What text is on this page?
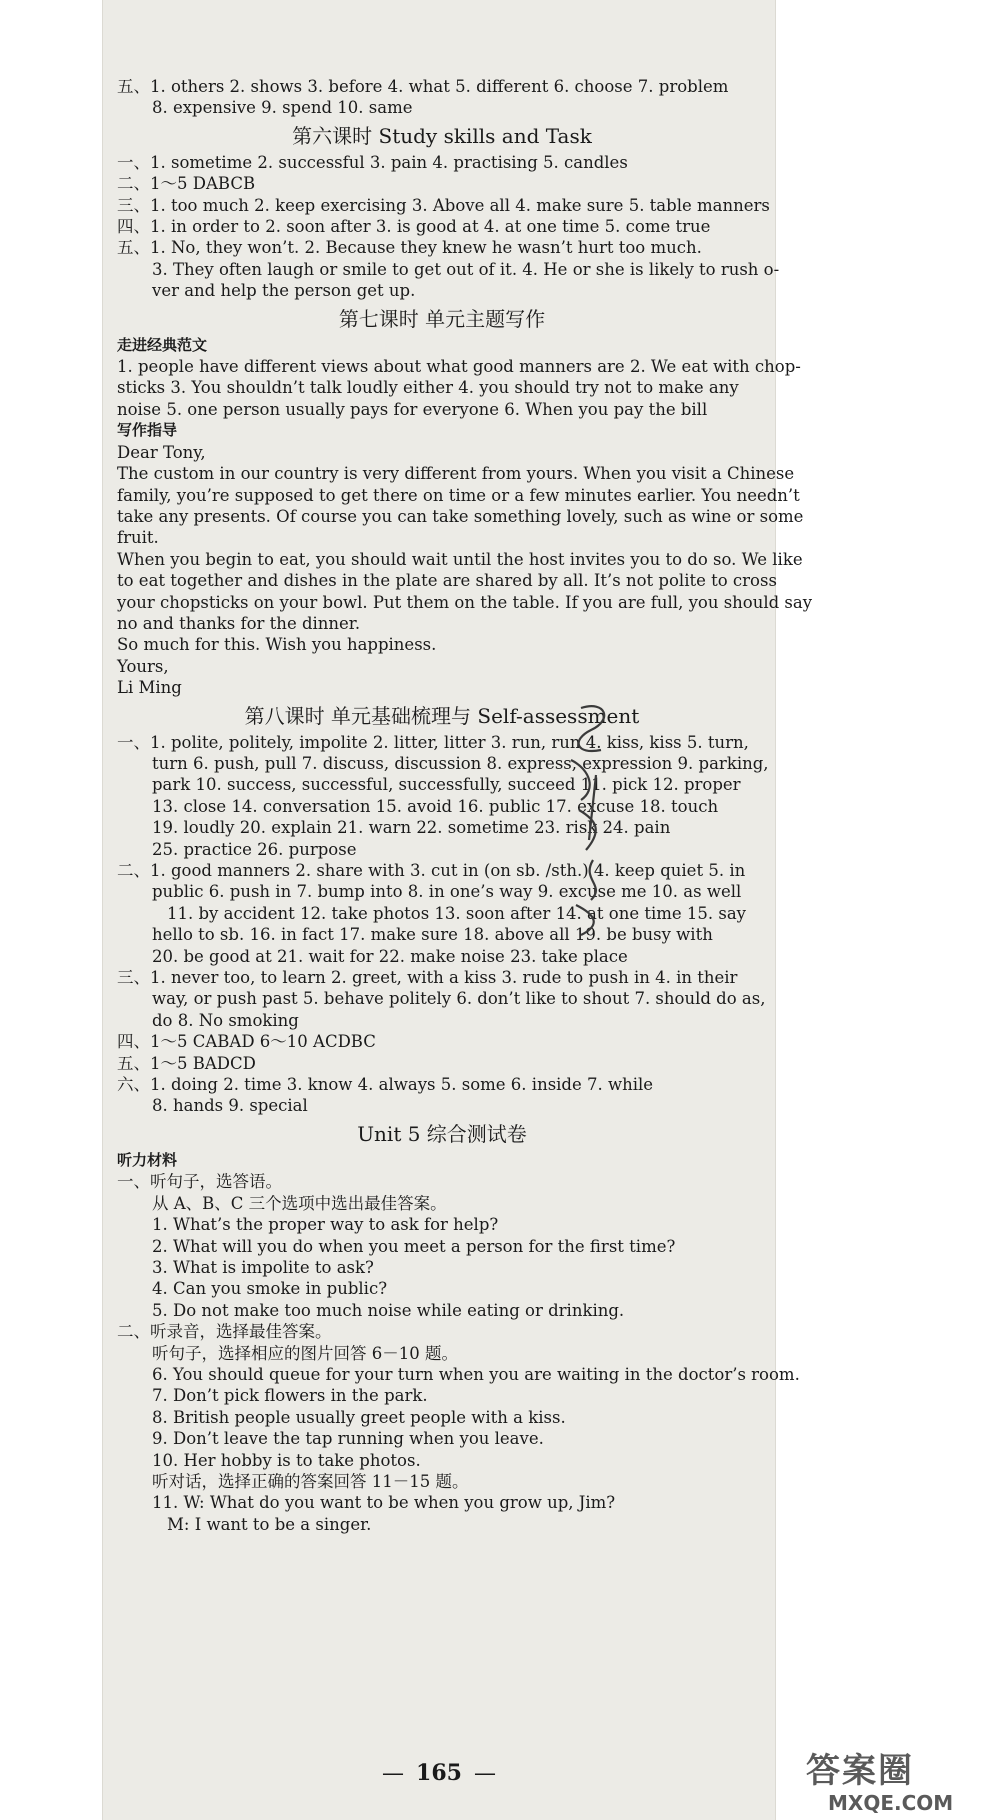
五、1. others 2. shows 3. before 4. what 5. different 6. choose 7. problem
8. expensive 9. spend 10. same
第六课时 Study skills and Task
一、1. sometime 2. successful 3. pain 4. practising 5. candles
二、1～5 DABCB
三、1. too much 2. keep exercising 3. Above all 4. make sure 5. table manners
四、1. in order to 2. soon after 3. is good at 4. at one time 5. come true
五、1. No, they won’t. 2. Because they knew he wasn’t hurt too much.
3. They often laugh or smile to get out of it. 4. He or she is likely to rush o-
ver and help the person get up.
第七课时 单元主题写作
走进经典范文
1. people have different views about what good manners are 2. We eat with chop-
sticks 3. You shouldn’t talk loudly either 4. you should try not to make any
noise 5. one person usually pays for everyone 6. When you pay the bill
写作指导
Dear Tony,
The custom in our country is very different from yours. When you visit a Chinese
family, you’re supposed to get there on time or a few minutes earlier. You needn’t
take any presents. Of course you can take something lovely, such as wine or some
fruit.
When you begin to eat, you should wait until the host invites you to do so. We like
to eat together and dishes in the plate are shared by all. It’s not polite to cross
your chopsticks on your bowl. Put them on the table. If you are full, you should say
no and thanks for the dinner.
So much for this. Wish you happiness.
Yours,
Li Ming
第八课时 单元基础梳理与 Self-assessment
一、1. polite, politely, impolite 2. litter, litter 3. run, run 4. kiss, kiss 5. turn,
turn 6. push, pull 7. discuss, discussion 8. express, expression 9. parking,
park 10. success, successful, successfully, succeed 11. pick 12. proper
13. close 14. conversation 15. avoid 16. public 17. excuse 18. touch
19. loudly 20. explain 21. warn 22. sometime 23. risk 24. pain
25. practice 26. purpose
二、1. good manners 2. share with 3. cut in (on sb. /sth.) 4. keep quiet 5. in
public 6. push in 7. bump into 8. in one’s way 9. excuse me 10. as well
11. by accident 12. take photos 13. soon after 14. at one time 15. say
hello to sb. 16. in fact 17. make sure 18. above all 19. be busy with
20. be good at 21. wait for 22. make noise 23. take place
三、1. never too, to learn 2. greet, with a kiss 3. rude to push in 4. in their
way, or push past 5. behave politely 6. don’t like to shout 7. should do as,
do 8. No smoking
四、1～5 CABAD 6～10 ACDBC
五、1～5 BADCD
六、1. doing 2. time 3. know 4. always 5. some 6. inside 7. while
8. hands 9. special
Unit 5 综合测试卷
听力材料
一、听句子，选答语。
从 A、B、C 三个选项中选出最佳答案。
1. What’s the proper way to ask for help?
2. What will you do when you meet a person for the first time?
3. What is impolite to ask?
4. Can you smoke in public?
5. Do not make too much noise while eating or drinking.
二、听录音，选择最佳答案。
听句子，选择相应的图片回答 6－10 题。
6. You should queue for your turn when you are waiting in the doctor’s room.
7. Don’t pick flowers in the park.
8. British people usually greet people with a kiss.
9. Don’t leave the tap running when you leave.
10. Her hobby is to take photos.
听对话，选择正确的答案回答 11－15 题。
11. W: What do you want to be when you grow up, Jim?
M: I want to be a singer.
— 165 —	答案圈
MXQE.COM
